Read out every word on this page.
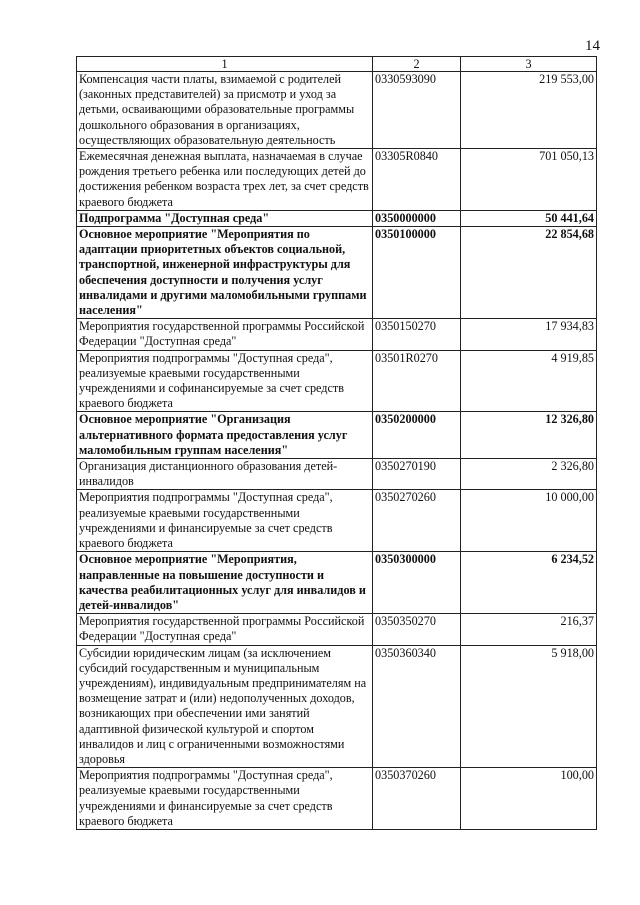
14
1	2	3
Компенсация части платы, взимаемой с родителей (законных представителей) за присмотр и уход за детьми, осваивающими образовательные программы дошкольного образования в организациях, осуществляющих образовательную деятельность	0330593090	219 553,00
Ежемесячная денежная выплата, назначаемая в случае рождения третьего ребенка или последующих детей до достижения ребенком возраста трех лет, за счет средств краевого бюджета	03305R0840	701 050,13
Подпрограмма "Доступная среда"	0350000000	50 441,64
Основное мероприятие "Мероприятия по адаптации приоритетных объектов социальной, транспортной, инженерной инфраструктуры для обеспечения доступности и получения услуг инвалидами и другими маломобильными группами населения"	0350100000	22 854,68
Мероприятия государственной программы Российской Федерации "Доступная среда"	0350150270	17 934,83
Мероприятия подпрограммы "Доступная среда", реализуемые краевыми государственными учреждениями и софинансируемые за счет средств краевого бюджета	03501R0270	4 919,85
Основное мероприятие "Организация альтернативного формата предоставления услуг маломобильным группам населения"	0350200000	12 326,80
Организация дистанционного образования детей-инвалидов	0350270190	2 326,80
Мероприятия подпрограммы "Доступная среда", реализуемые краевыми государственными учреждениями и финансируемые за счет средств краевого бюджета	0350270260	10 000,00
Основное мероприятие "Мероприятия, направленные на повышение доступности и качества реабилитационных услуг для инвалидов и детей-инвалидов"	0350300000	6 234,52
Мероприятия государственной программы Российской Федерации "Доступная среда"	0350350270	216,37
Субсидии юридическим лицам (за исключением субсидий государственным и муниципальным учреждениям), индивидуальным предпринимателям на возмещение затрат и (или) недополученных доходов, возникающих при обеспечении ими занятий адаптивной физической культурой и спортом инвалидов и лиц с ограниченными возможностями здоровья	0350360340	5 918,00
Мероприятия подпрограммы "Доступная среда", реализуемые краевыми государственными учреждениями и финансируемые за счет средств краевого бюджета	0350370260	100,00
